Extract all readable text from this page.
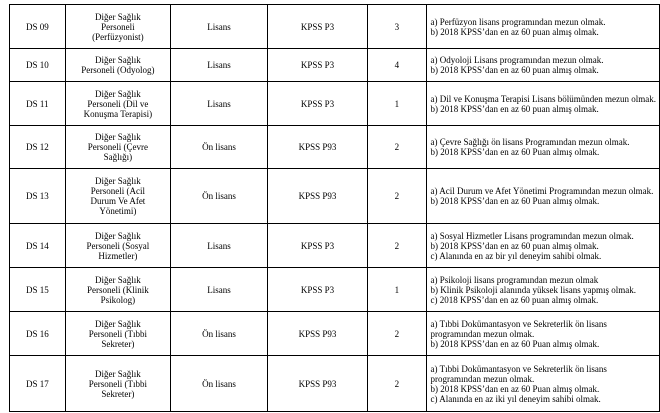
DS 09	Diğer Sağlık
Personeli
(Perfüzyonist)	Lisans	KPSS P3	3	a) Perfüzyon lisans programından mezun olmak.
b) 2018 KPSS’dan en az 60 puan almış olmak.

DS 10	Diğer Sağlık
Personeli (Odyolog)	Lisans	KPSS P3	4	a) Odyoloji Lisans programından mezun olmak.
b) 2018 KPSS’dan en az 60 puan almış olmak.

DS 11	Diğer Sağlık
Personeli (Dil ve
Konuşma Terapisi)	Lisans	KPSS P3	1	a) Dil ve Konuşma Terapisi Lisans bölümünden mezun olmak.
b) 2018 KPSS’dan en az 60 puan almış olmak.

DS 12	Diğer Sağlık
Personeli (Çevre
Sağlığı)	Ön lisans	KPSS P93	2	a) Çevre Sağlığı ön lisans Programından mezun olmak.
b) 2018 KPSS’dan en az 60 Puan almış olmak.

DS 13	Diğer Sağlık
Personeli (Acil
Durum Ve Afet
Yönetimi)	Ön lisans	KPSS P93	2	a) Acil Durum ve Afet Yönetimi Programından mezun olmak.
b) 2018 KPSS’dan en az 60 Puan almış olmak.

DS 14	Diğer Sağlık
Personeli (Sosyal
Hizmetler)	Lisans	KPSS P3	2	a) Sosyal Hizmetler Lisans programından mezun olmak.
b) 2018 KPSS’dan en az 60 puan almış olmak.
c) Alanında en az bir yıl deneyim sahibi olmak.

DS 15	Diğer Sağlık
Personeli (Klinik
Psikolog)	Lisans	KPSS P3	1	a) Psikoloji lisans programından mezun olmak
b) Klinik Psikoloji alanında yüksek lisans yapmış olmak.
c) 2018 KPSS’dan en az 60 puan almış olmak.

DS 16	Diğer Sağlık
Personeli (Tıbbi
Sekreter)	Ön lisans	KPSS P93	2	a) Tıbbi Dokümantasyon ve Sekreterlik ön lisans
programından mezun olmak.
b) 2018 KPSS’dan en az 60 Puan almış olmak.

DS 17	Diğer Sağlık
Personeli (Tıbbi
Sekreter)	Ön lisans	KPSS P93	2	a) Tıbbi Dokümantasyon ve Sekreterlik ön lisans
programından mezun olmak.
b) 2018 KPSS’dan en az 60 Puan almış olmak.
c) Alanında en az iki yıl deneyim sahibi olmak.
